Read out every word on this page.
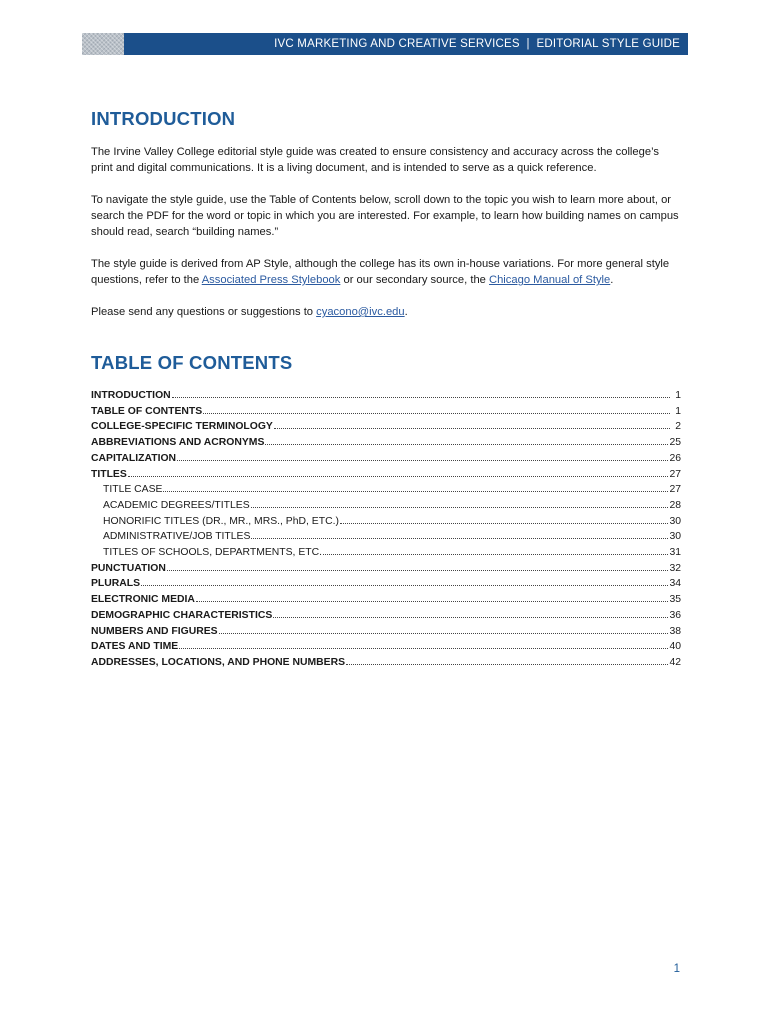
IVC MARKETING AND CREATIVE SERVICES  |  EDITORIAL STYLE GUIDE
INTRODUCTION

The Irvine Valley College editorial style guide was created to ensure consistency and accuracy across the college’s print and digital communications. It is a living document, and is intended to serve as a quick reference.

To navigate the style guide, use the Table of Contents below, scroll down to the topic you wish to learn more about, or search the PDF for the word or topic in which you are interested. For example, to learn how building names on campus should read, search “building names.”

The style guide is derived from AP Style, although the college has its own in-house variations. For more general style questions, refer to the Associated Press Stylebook or our secondary source, the Chicago Manual of Style.

Please send any questions or suggestions to cyacono@ivc.edu.

TABLE OF CONTENTS
INTRODUCTION	1
TABLE OF CONTENTS	1
COLLEGE-SPECIFIC TERMINOLOGY	2
ABBREVIATIONS AND ACRONYMS	25
CAPITALIZATION	26
TITLES	27
TITLE CASE	27
ACADEMIC DEGREES/TITLES	28
HONORIFIC TITLES (DR., MR., MRS., PhD, ETC.)	30
ADMINISTRATIVE/JOB TITLES	30
TITLES OF SCHOOLS, DEPARTMENTS, ETC.	31
PUNCTUATION	32
PLURALS	34
ELECTRONIC MEDIA	35
DEMOGRAPHIC CHARACTERISTICS	36
NUMBERS AND FIGURES	38
DATES AND TIME	40
ADDRESSES, LOCATIONS, AND PHONE NUMBERS	42
1
